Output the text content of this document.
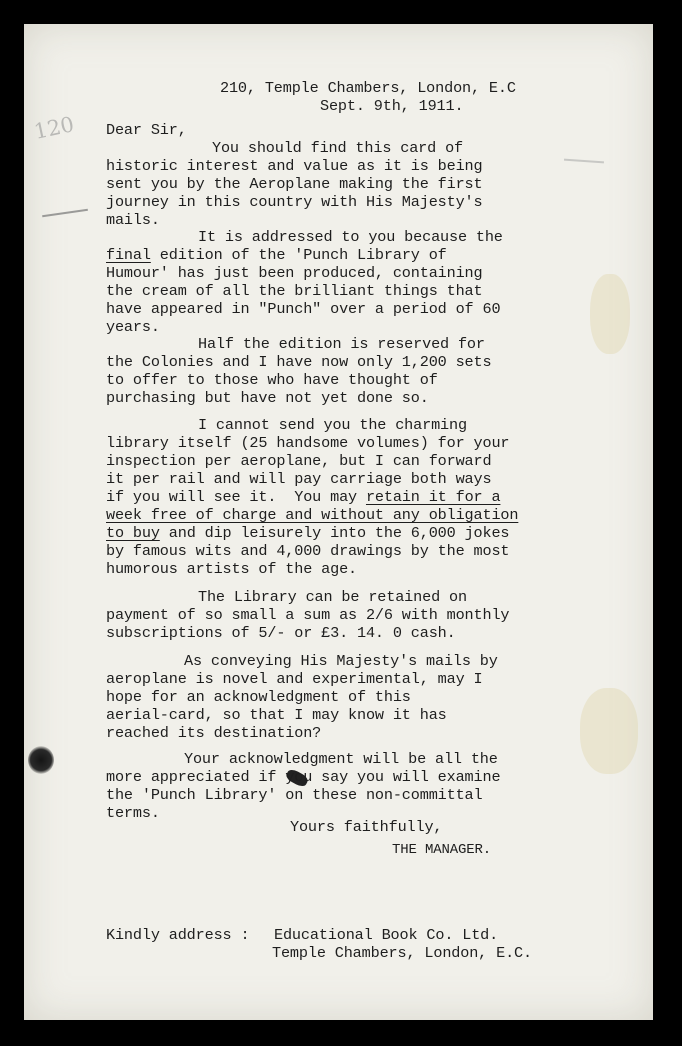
120
210, Temple Chambers, London, E.C
Sept. 9th, 1911.
Dear Sir,
You should find this card of
historic interest and value as it is being
sent you by the Aeroplane making the first
journey in this country with His Majesty's
mails.
It is addressed to you because the
final edition of the 'Punch Library of
Humour' has just been produced, containing
the cream of all the brilliant things that
have appeared in "Punch" over a period of 60
years.
Half the edition is reserved for
the Colonies and I have now only 1,200 sets
to offer to those who have thought of
purchasing but have not yet done so.
I cannot send you the charming
library itself (25 handsome volumes) for your
inspection per aeroplane, but I can forward
it per rail and will pay carriage both ways
if you will see it.  You may retain it for a
week free of charge and without any obligation
to buy and dip leisurely into the 6,000 jokes
by famous wits and 4,000 drawings by the most
humorous artists of the age.
The Library can be retained on
payment of so small a sum as 2/6 with monthly
subscriptions of 5/- or £3. 14. 0 cash.
As conveying His Majesty's mails by
aeroplane is novel and experimental, may I
hope for an acknowledgment of this
aerial-card, so that I may know it has
reached its destination?
Your acknowledgment will be all the
more appreciated if you say you will examine
the 'Punch Library' on these non-committal
terms.
Yours faithfully,
THE MANAGER.
Kindly address : Educational Book Co. Ltd.
Temple Chambers, London, E.C.
